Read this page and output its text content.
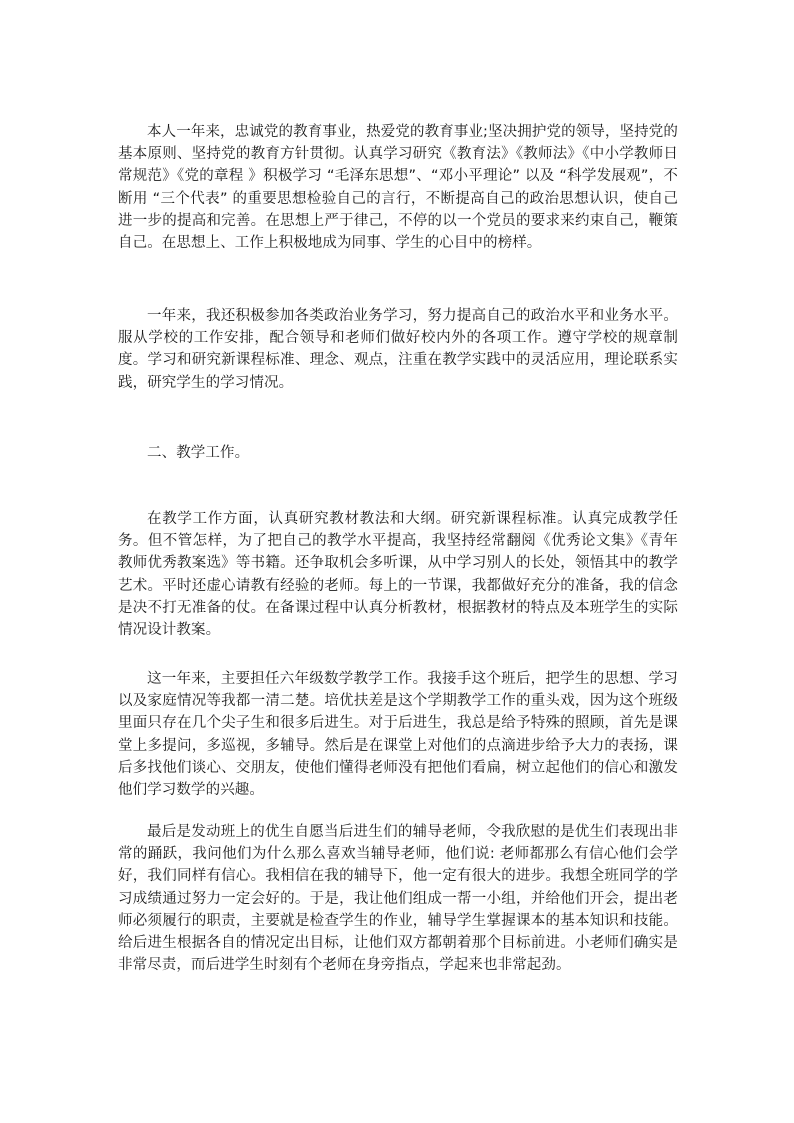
本人一年来，忠诚党的教育事业，热爱党的教育事业;坚决拥护党的领导，坚持党的基本原则、坚持党的教育方针贯彻。认真学习研究《教育法》《教师法》《中小学教师日常规范》《党的章程 》积极学习 “毛泽东思想”、“邓小平理论” 以及 “科学发展观”，不断用 “三个代表” 的重要思想检验自己的言行，不断提高自己的政治思想认识，使自己进一步的提高和完善。在思想上严于律己，不停的以一个党员的要求来约束自己，鞭策自己。在思想上、工作上积极地成为同事、学生的心目中的榜样。

一年来，我还积极参加各类政治业务学习，努力提高自己的政治水平和业务水平。服从学校的工作安排，配合领导和老师们做好校内外的各项工作。遵守学校的规章制度。学习和研究新课程标准、理念、观点，注重在教学实践中的灵活应用，理论联系实践，研究学生的学习情况。

二、教学工作。

在教学工作方面，认真研究教材教法和大纲。研究新课程标准。认真完成教学任务。但不管怎样，为了把自己的教学水平提高，我坚持经常翻阅《优秀论文集》《青年教师优秀教案选》等书籍。还争取机会多听课，从中学习别人的长处，领悟其中的教学艺术。平时还虚心请教有经验的老师。每上的一节课，我都做好充分的准备，我的信念是决不打无准备的仗。在备课过程中认真分析教材，根据教材的特点及本班学生的实际情况设计教案。

这一年来，主要担任六年级数学教学工作。我接手这个班后，把学生的思想、学习以及家庭情况等我都一清二楚。培优扶差是这个学期教学工作的重头戏，因为这个班级里面只存在几个尖子生和很多后进生。对于后进生，我总是给予特殊的照顾，首先是课堂上多提问，多巡视，多辅导。然后是在课堂上对他们的点滴进步给予大力的表扬，课后多找他们谈心、交朋友，使他们懂得老师没有把他们看扁，树立起他们的信心和激发他们学习数学的兴趣。

最后是发动班上的优生自愿当后进生们的辅导老师，令我欣慰的是优生们表现出非常的踊跃，我问他们为什么那么喜欢当辅导老师，他们说: 老师都那么有信心他们会学好，我们同样有信心。我相信在我的辅导下，他一定有很大的进步。我想全班同学的学习成绩通过努力一定会好的。于是，我让他们组成一帮一小组，并给他们开会，提出老师必须履行的职责，主要就是检查学生的作业，辅导学生掌握课本的基本知识和技能。给后进生根据各自的情况定出目标，让他们双方都朝着那个目标前进。小老师们确实是非常尽责，而后进学生时刻有个老师在身旁指点，学起来也非常起劲。
